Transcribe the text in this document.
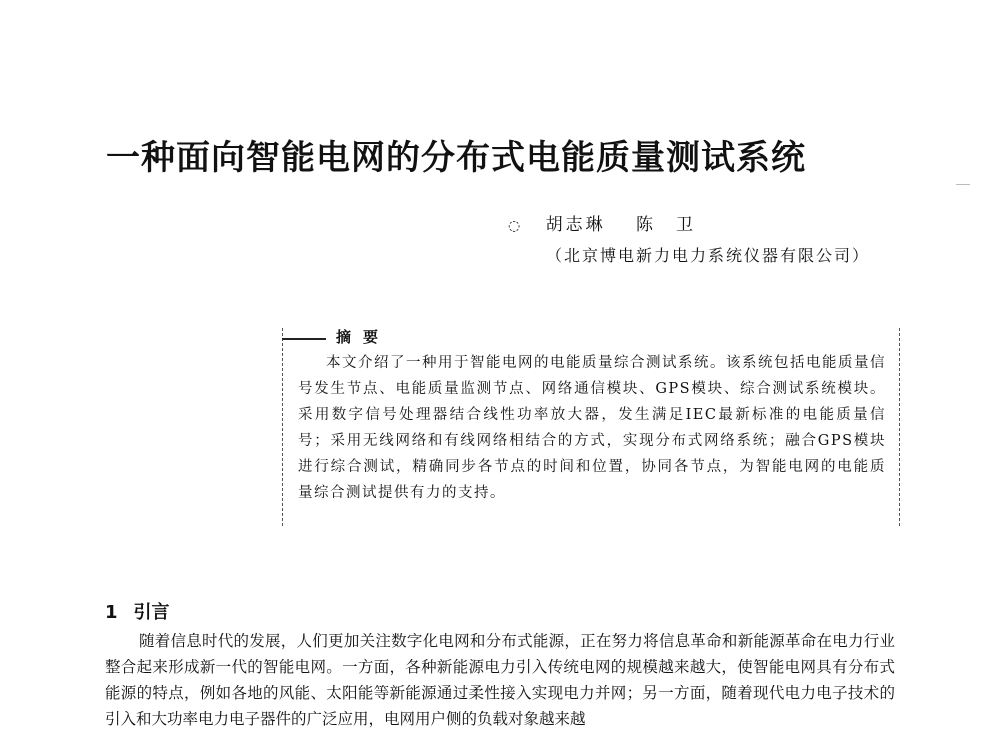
一种面向智能电网的分布式电能质量测试系统
◌ 胡志琳 陈　卫
（北京博电新力电力系统仪器有限公司）
摘要

本文介绍了一种用于智能电网的电能质量综合测试系统。该系统包括电能质量信号发生节点、电能质量监测节点、网络通信模块、GPS模块、综合测试系统模块。采用数字信号处理器结合线性功率放大器，发生满足IEC最新标准的电能质量信号；采用无线网络和有线网络相结合的方式，实现分布式网络系统；融合GPS模块进行综合测试，精确同步各节点的时间和位置，协同各节点，为智能电网的电能质量综合测试提供有力的支持。

1 引言

随着信息时代的发展，人们更加关注数字化电网和分布式能源，正在努力将信息革命和新能源革命在电力行业整合起来形成新一代的智能电网。一方面，各种新能源电力引入传统电网的规模越来越大，使智能电网具有分布式能源的特点，例如各地的风能、太阳能等新能源通过柔性接入实现电力并网；另一方面，随着现代电力电子技术的引入和大功率电力电子器件的广泛应用，电网用户侧的负载对象越来越
